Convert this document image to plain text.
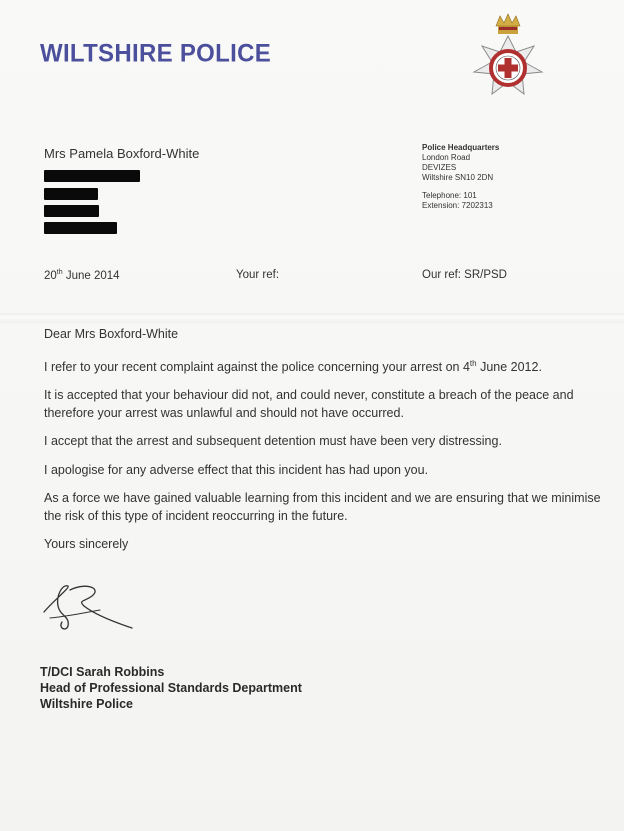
WILTSHIRE POLICE
Mrs Pamela Boxford-White	Police Headquarters
London Road
DEVIZES
Wiltshire SN10 2DN
Telephone: 101
Extension: 7202313
20th June 2014	Your ref:	Our ref: SR/PSD

Dear Mrs Boxford-White

I refer to your recent complaint against the police concerning your arrest on 4th June 2012.

It is accepted that your behaviour did not, and could never, constitute a breach of the peace and therefore your arrest was unlawful and should not have occurred.

I accept that the arrest and subsequent detention must have been very distressing.

I apologise for any adverse effect that this incident has had upon you.

As a force we have gained valuable learning from this incident and we are ensuring that we minimise the risk of this type of incident reoccurring in the future.

Yours sincerely

T/DCI Sarah Robbins
Head of Professional Standards Department
Wiltshire Police
